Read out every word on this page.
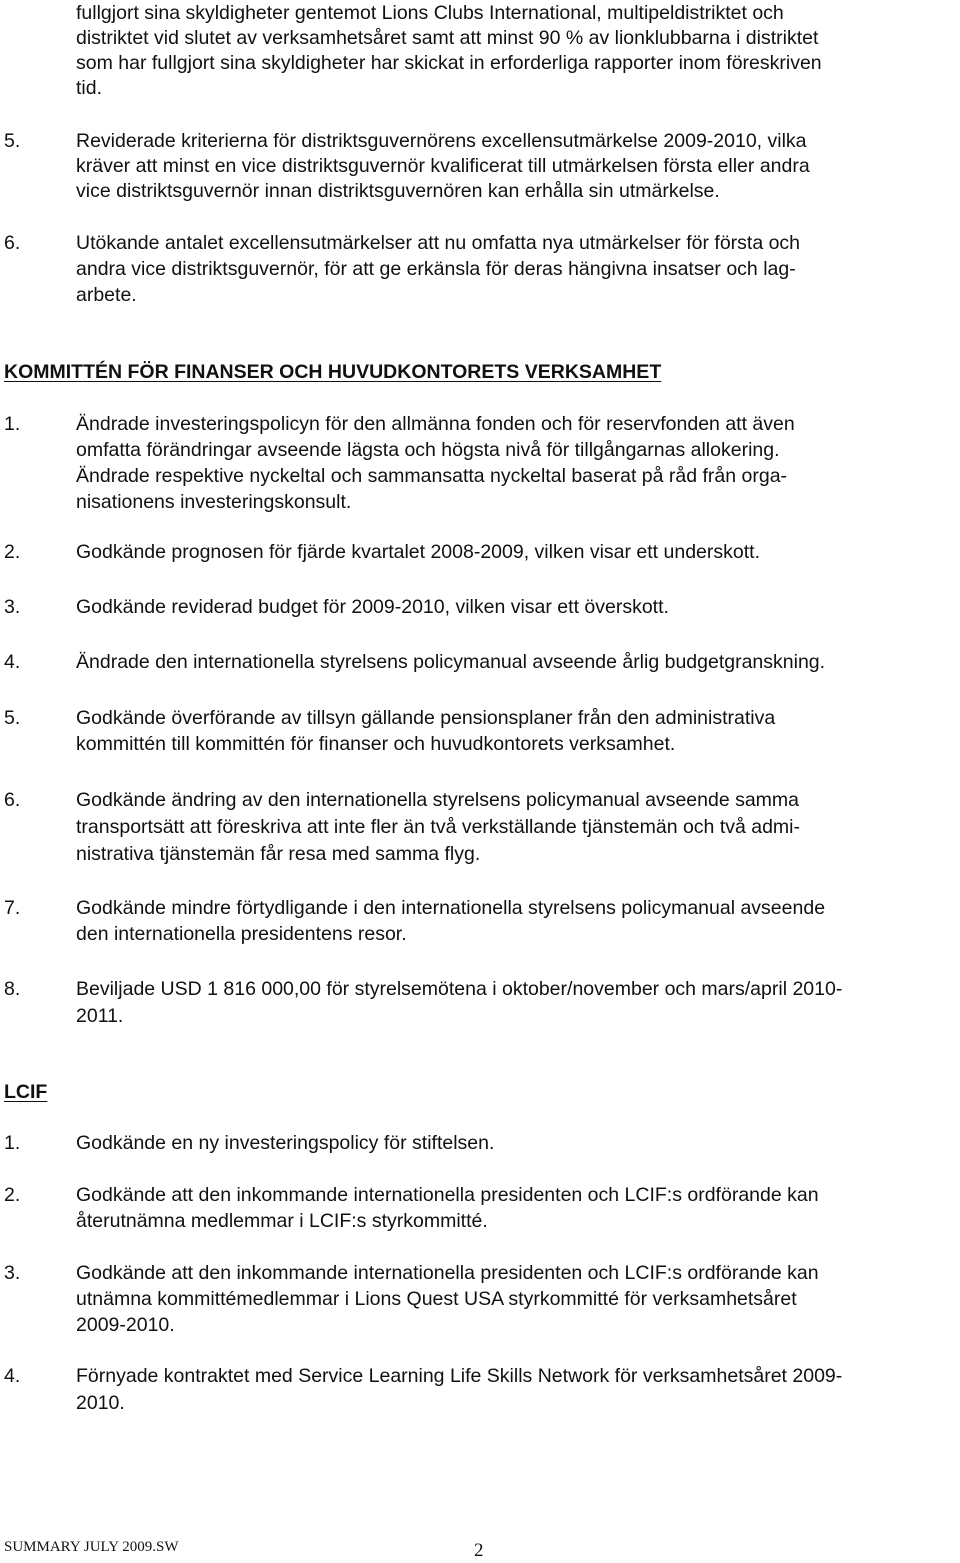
fullgjort sina skyldigheter gentemot Lions Clubs International, multipeldistriktet och
distriktet vid slutet av verksamhetsåret samt att minst 90 % av lionklubbarna i distriktet
som har fullgjort sina skyldigheter har skickat in erforderliga rapporter inom föreskriven
tid.
5.	Reviderade kriterierna för distriktsguvernörens excellensutmärkelse 2009-2010, vilka
kräver att minst en vice distriktsguvernör kvalificerat till utmärkelsen första eller andra
vice distriktsguvernör innan distriktsguvernören kan erhålla sin utmärkelse.
6.	Utökande antalet excellensutmärkelser att nu omfatta nya utmärkelser för första och
andra vice distriktsguvernör, för att ge erkänsla för deras hängivna insatser och lag-
arbete.
KOMMITTÉN FÖR FINANSER OCH HUVUDKONTORETS VERKSAMHET
1.	Ändrade investeringspolicyn för den allmänna fonden och för reservfonden att även
omfatta förändringar avseende lägsta och högsta nivå för tillgångarnas allokering.
Ändrade respektive nyckeltal och sammansatta nyckeltal baserat på råd från orga-
nisationens investeringskonsult.
2.	Godkände prognosen för fjärde kvartalet 2008-2009, vilken visar ett underskott.
3.	Godkände reviderad budget för 2009-2010, vilken visar ett överskott.
4.	Ändrade den internationella styrelsens policymanual avseende årlig budgetgranskning.
5.	Godkände överförande av tillsyn gällande pensionsplaner från den administrativa
kommittén till kommittén för finanser och huvudkontorets verksamhet.
6.	Godkände ändring av den internationella styrelsens policymanual avseende samma
transportsätt att föreskriva att inte fler än två verkställande tjänstemän och två admi-
nistrativa tjänstemän får resa med samma flyg.
7.	Godkände mindre förtydligande i den internationella styrelsens policymanual avseende
den internationella presidentens resor.
8.	Beviljade USD 1 816 000,00 för styrelsemötena i oktober/november och mars/april 2010-
2011.
LCIF
1.	Godkände en ny investeringspolicy för stiftelsen.
2.	Godkände att den inkommande internationella presidenten och LCIF:s ordförande kan
återutnämna medlemmar i LCIF:s styrkommitté.
3.	Godkände att den inkommande internationella presidenten och LCIF:s ordförande kan
utnämna kommittémedlemmar i Lions Quest USA styrkommitté för verksamhetsåret
2009-2010.
4.	Förnyade kontraktet med Service Learning Life Skills Network för verksamhetsåret 2009-
2010.
SUMMARY JULY 2009.SW	2
